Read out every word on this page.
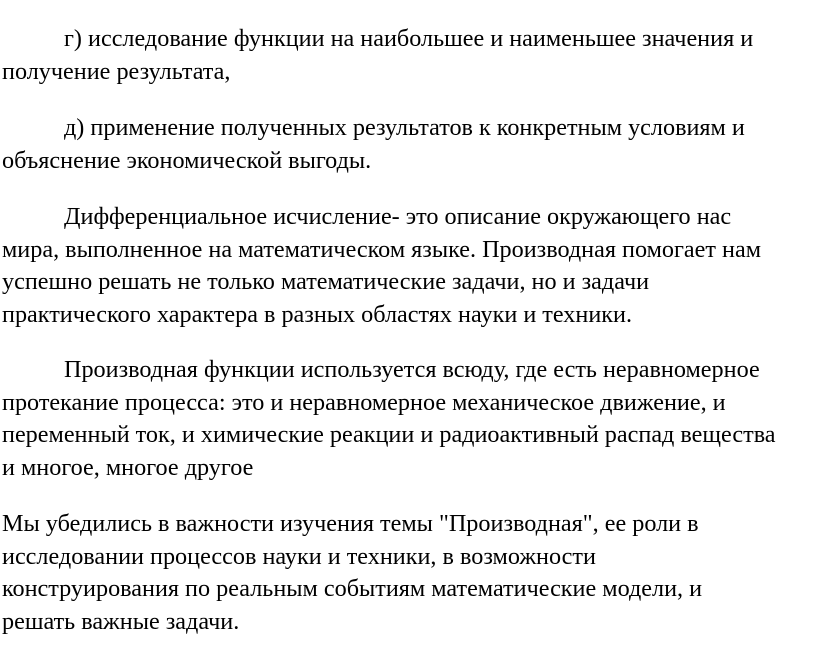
г) исследование функции на наибольшее и наименьшее значения и
получение результата,

д) применение полученных результатов к конкретным условиям и
объяснение экономической выгоды.

Дифференциальное исчисление- это описание окружающего нас
мира, выполненное на математическом языке. Производная помогает нам
успешно решать не только математические задачи, но и задачи
практического характера в разных областях науки и техники.

Производная функции используется всюду, где есть неравномерное
протекание процесса: это и неравномерное механическое движение, и
переменный ток, и химические реакции и радиоактивный распад вещества
и многое, многое другое

Мы убедились в важности изучения темы "Производная", ее роли в
исследовании процессов науки и техники, в возможности
конструирования по реальным событиям математические модели, и
решать важные задачи.
